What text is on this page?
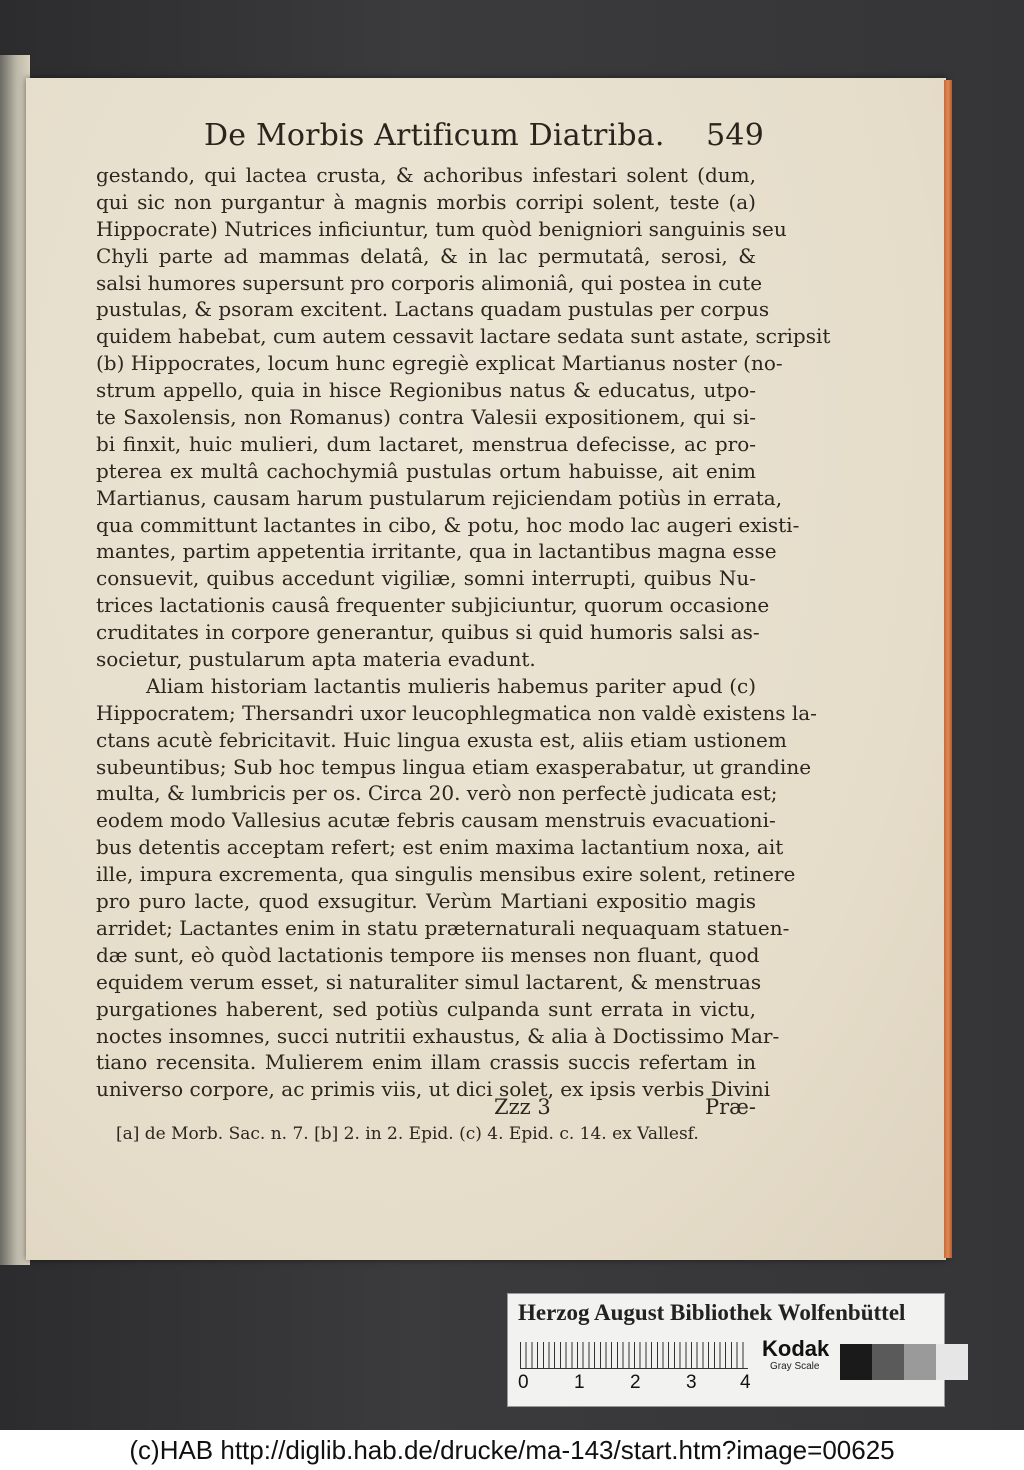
De Morbis Artificum Diatriba. 549
gestando, qui lactea crusta, & achoribus infestari solent (dum,
qui sic non purgantur à magnis morbis corripi solent, teste (a)
Hippocrate) Nutrices inficiuntur, tum quòd benigniori sanguinis seu
Chyli parte ad mammas delatâ, & in lac permutatâ, serosi, &
salsi humores supersunt pro corporis alimoniâ, qui postea in cute
pustulas, & psoram excitent. Lactans quadam pustulas per corpus
quidem habebat, cum autem cessavit lactare sedata sunt astate, scripsit
(b) Hippocrates, locum hunc egregiè explicat Martianus noster (no-
strum appello, quia in hisce Regionibus natus & educatus, utpo-
te Saxolensis, non Romanus) contra Valesii expositionem, qui si-
bi finxit, huic mulieri, dum lactaret, menstrua defecisse, ac pro-
pterea ex multâ cachochymiâ pustulas ortum habuisse, ait enim
Martianus, causam harum pustularum rejiciendam potiùs in errata,
qua committunt lactantes in cibo, & potu, hoc modo lac augeri existi-
mantes, partim appetentia irritante, qua in lactantibus magna esse
consuevit, quibus accedunt vigiliæ, somni interrupti, quibus Nu-
trices lactationis causâ frequenter subjiciuntur, quorum occasione
cruditates in corpore generantur, quibus si quid humoris salsi as-
societur, pustularum apta materia evadunt.
Aliam historiam lactantis mulieris habemus pariter apud (c)
Hippocratem; Thersandri uxor leucophlegmatica non valdè existens la-
ctans acutè febricitavit. Huic lingua exusta est, aliis etiam ustionem
subeuntibus; Sub hoc tempus lingua etiam exasperabatur, ut grandine
multa, & lumbricis per os. Circa 20. verò non perfectè judicata est;
eodem modo Vallesius acutæ febris causam menstruis evacuationi-
bus detentis acceptam refert; est enim maxima lactantium noxa, ait
ille, impura excrementa, qua singulis mensibus exire solent, retinere
pro puro lacte, quod exsugitur. Verùm Martiani expositio magis
arridet; Lactantes enim in statu præternaturali nequaquam statuen-
dæ sunt, eò quòd lactationis tempore iis menses non fluant, quod
equidem verum esset, si naturaliter simul lactarent, & menstruas
purgationes haberent, sed potiùs culpanda sunt errata in victu,
noctes insomnes, succi nutritii exhaustus, & alia à Doctissimo Mar-
tiano recensita. Mulierem enim illam crassis succis refertam in
universo corpore, ac primis viis, ut dici solet, ex ipsis verbis Divini
Zzz 3	Præ-
[a] de Morb. Sac. n. 7. [b] 2. in 2. Epid. (c) 4. Epid. c. 14. ex Vallesf.
Herzog August Bibliothek Wolfenbüttel
0 1 2 3 4
Kodak
Gray Scale
(c)HAB http://diglib.hab.de/drucke/ma-143/start.htm?image=00625
